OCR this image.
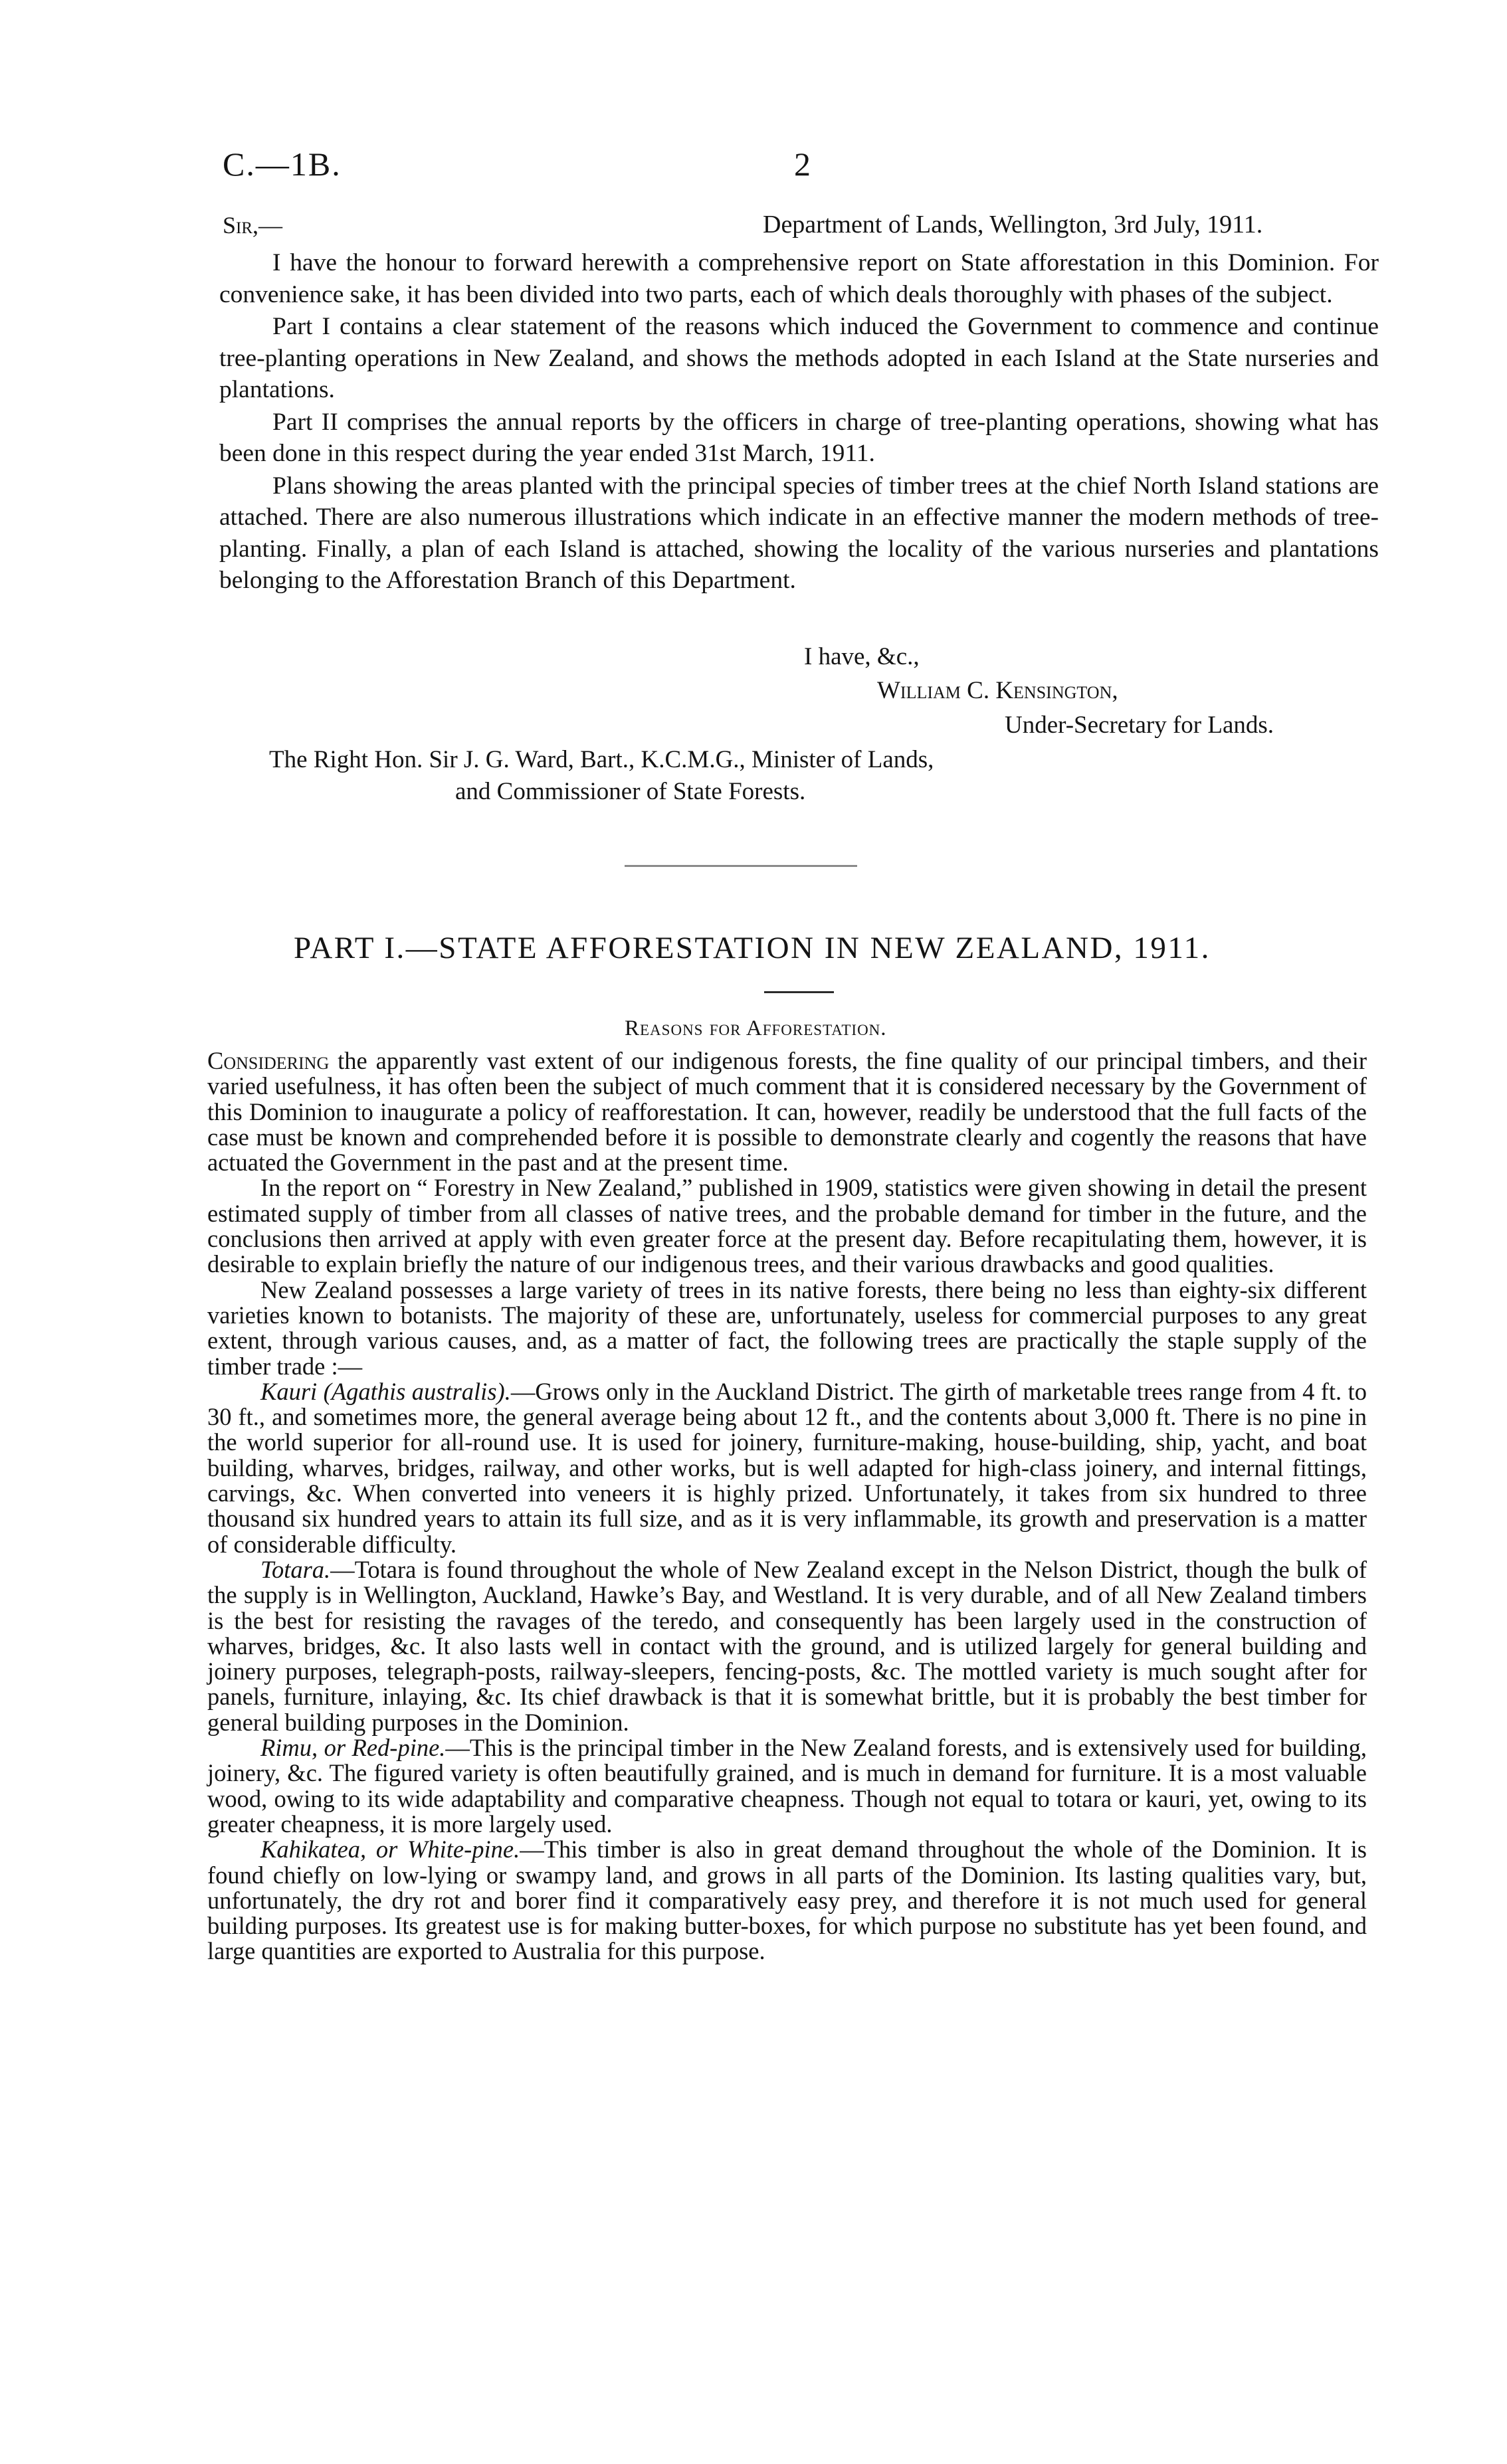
C.—1B.	2
Sir,—	Department of Lands, Wellington, 3rd July, 1911.

I have the honour to forward herewith a comprehensive report on State afforestation in this Dominion. For convenience sake, it has been divided into two parts, each of which deals thoroughly with phases of the subject.

Part I contains a clear statement of the reasons which induced the Government to commence and continue tree-planting operations in New Zealand, and shows the methods adopted in each Island at the State nurseries and plantations.

Part II comprises the annual reports by the officers in charge of tree-planting operations, showing what has been done in this respect during the year ended 31st March, 1911.

Plans showing the areas planted with the principal species of timber trees at the chief North Island stations are attached. There are also numerous illustrations which indicate in an effective manner the modern methods of tree-planting. Finally, a plan of each Island is attached, showing the locality of the various nurseries and plantations belonging to the Afforestation Branch of this Department.

I have, &c.,
William C. Kensington,
Under-Secretary for Lands.
The Right Hon. Sir J. G. Ward, Bart., K.C.M.G., Minister of Lands,
and Commissioner of State Forests.
PART I.—STATE AFFORESTATION IN NEW ZEALAND, 1911.
Reasons for Afforestation.

Considering the apparently vast extent of our indigenous forests, the fine quality of our principal timbers, and their varied usefulness, it has often been the subject of much comment that it is considered necessary by the Government of this Dominion to inaugurate a policy of reafforestation. It can, however, readily be understood that the full facts of the case must be known and comprehended before it is possible to demonstrate clearly and cogently the reasons that have actuated the Government in the past and at the present time.

In the report on “ Forestry in New Zealand,” published in 1909, statistics were given showing in detail the present estimated supply of timber from all classes of native trees, and the probable demand for timber in the future, and the conclusions then arrived at apply with even greater force at the present day. Before recapitulating them, however, it is desirable to explain briefly the nature of our indigenous trees, and their various drawbacks and good qualities.

New Zealand possesses a large variety of trees in its native forests, there being no less than eighty-six different varieties known to botanists. The majority of these are, unfortunately, useless for commercial purposes to any great extent, through various causes, and, as a matter of fact, the following trees are practically the staple supply of the timber trade :—

Kauri (Agathis australis).—Grows only in the Auckland District. The girth of marketable trees range from 4 ft. to 30 ft., and sometimes more, the general average being about 12 ft., and the contents about 3,000 ft. There is no pine in the world superior for all-round use. It is used for joinery, furniture-making, house-building, ship, yacht, and boat building, wharves, bridges, railway, and other works, but is well adapted for high-class joinery, and internal fittings, carvings, &c. When converted into veneers it is highly prized. Unfortunately, it takes from six hundred to three thousand six hundred years to attain its full size, and as it is very inflammable, its growth and preservation is a matter of considerable difficulty.

Totara.—Totara is found throughout the whole of New Zealand except in the Nelson District, though the bulk of the supply is in Wellington, Auckland, Hawke’s Bay, and Westland. It is very durable, and of all New Zealand timbers is the best for resisting the ravages of the teredo, and consequently has been largely used in the construction of wharves, bridges, &c. It also lasts well in contact with the ground, and is utilized largely for general building and joinery purposes, telegraph-posts, railway-sleepers, fencing-posts, &c. The mottled variety is much sought after for panels, furniture, inlaying, &c. Its chief drawback is that it is somewhat brittle, but it is probably the best timber for general building purposes in the Dominion.

Rimu, or Red-pine.—This is the principal timber in the New Zealand forests, and is extensively used for building, joinery, &c. The figured variety is often beautifully grained, and is much in demand for furniture. It is a most valuable wood, owing to its wide adaptability and comparative cheapness. Though not equal to totara or kauri, yet, owing to its greater cheapness, it is more largely used.

Kahikatea, or White-pine.—This timber is also in great demand throughout the whole of the Dominion. It is found chiefly on low-lying or swampy land, and grows in all parts of the Dominion. Its lasting qualities vary, but, unfortunately, the dry rot and borer find it comparatively easy prey, and therefore it is not much used for general building purposes. Its greatest use is for making butter-boxes, for which purpose no substitute has yet been found, and large quantities are exported to Australia for this purpose.
